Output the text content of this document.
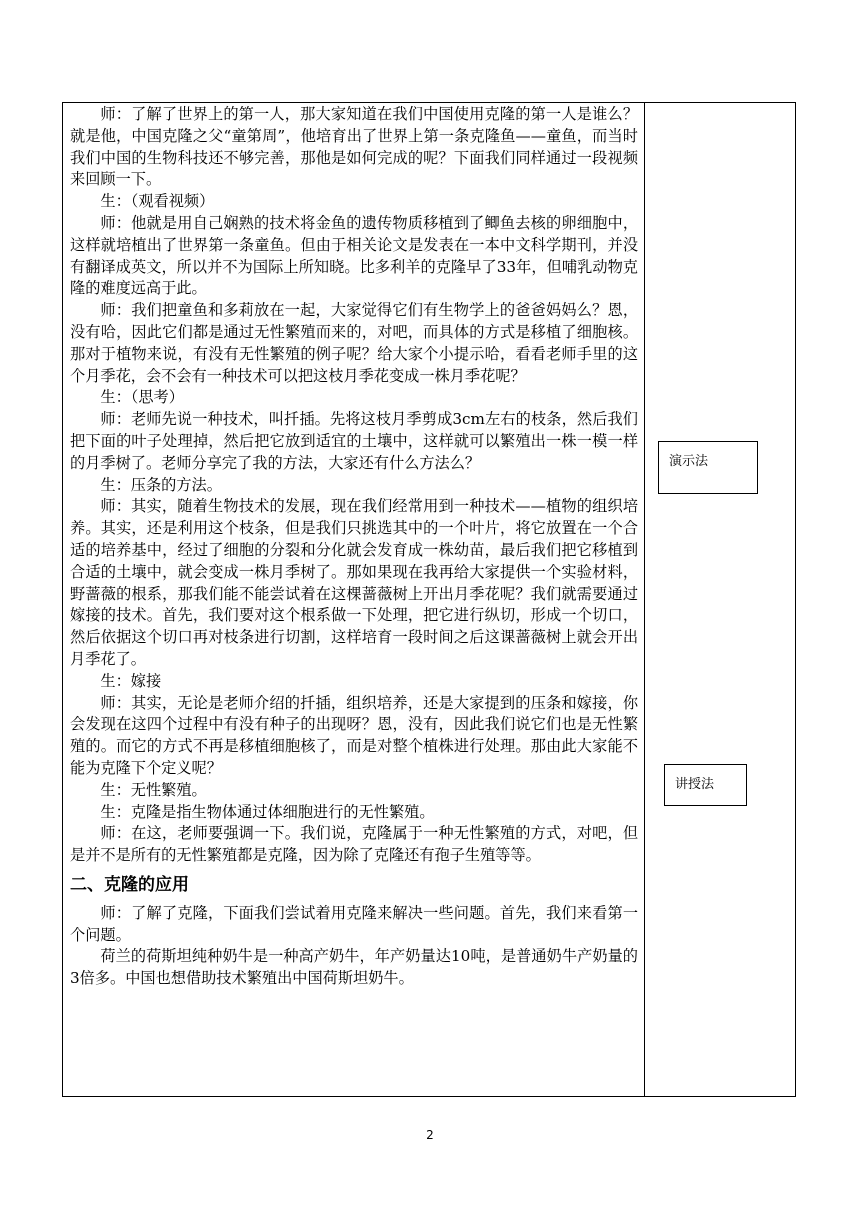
师：了解了世界上的第一人，那大家知道在我们中国使用克隆的第一人是谁么？就是他，中国克隆之父“童第周”，他培育出了世界上第一条克隆鱼——童鱼，而当时我们中国的生物科技还不够完善，那他是如何完成的呢？下面我们同样通过一段视频来回顾一下。

生：（观看视频）

师：他就是用自己娴熟的技术将金鱼的遗传物质移植到了鲫鱼去核的卵细胞中，这样就培植出了世界第一条童鱼。但由于相关论文是发表在一本中文科学期刊，并没有翻译成英文，所以并不为国际上所知晓。比多利羊的克隆早了33年，但哺乳动物克隆的难度远高于此。

师：我们把童鱼和多莉放在一起，大家觉得它们有生物学上的爸爸妈妈么？恩，没有哈，因此它们都是通过无性繁殖而来的，对吧，而具体的方式是移植了细胞核。那对于植物来说，有没有无性繁殖的例子呢？给大家个小提示哈，看看老师手里的这个月季花，会不会有一种技术可以把这枝月季花变成一株月季花呢？

生：（思考）

师：老师先说一种技术，叫扦插。先将这枝月季剪成3cm左右的枝条，然后我们把下面的叶子处理掉，然后把它放到适宜的土壤中，这样就可以繁殖出一株一模一样的月季树了。老师分享完了我的方法，大家还有什么方法么？

生：压条的方法。

师：其实，随着生物技术的发展，现在我们经常用到一种技术——植物的组织培养。其实，还是利用这个枝条，但是我们只挑选其中的一个叶片，将它放置在一个合适的培养基中，经过了细胞的分裂和分化就会发育成一株幼苗，最后我们把它移植到合适的土壤中，就会变成一株月季树了。那如果现在我再给大家提供一个实验材料，野蔷薇的根系，那我们能不能尝试着在这棵蔷薇树上开出月季花呢？我们就需要通过嫁接的技术。首先，我们要对这个根系做一下处理，把它进行纵切，形成一个切口，然后依据这个切口再对枝条进行切割，这样培育一段时间之后这课蔷薇树上就会开出月季花了。

生：嫁接

师：其实，无论是老师介绍的扦插，组织培养，还是大家提到的压条和嫁接，你会发现在这四个过程中有没有种子的出现呀？恩，没有，因此我们说它们也是无性繁殖的。而它的方式不再是移植细胞核了，而是对整个植株进行处理。那由此大家能不能为克隆下个定义呢？

生：无性繁殖。

生：克隆是指生物体通过体细胞进行的无性繁殖。

师：在这，老师要强调一下。我们说，克隆属于一种无性繁殖的方式，对吧，但是并不是所有的无性繁殖都是克隆，因为除了克隆还有孢子生殖等等。

二、克隆的应用

师：了解了克隆，下面我们尝试着用克隆来解决一些问题。首先，我们来看第一个问题。

荷兰的荷斯坦纯种奶牛是一种高产奶牛，年产奶量达10吨，是普通奶牛产奶量的3倍多。中国也想借助技术繁殖出中国荷斯坦奶牛。

演示法
讲授法
2
